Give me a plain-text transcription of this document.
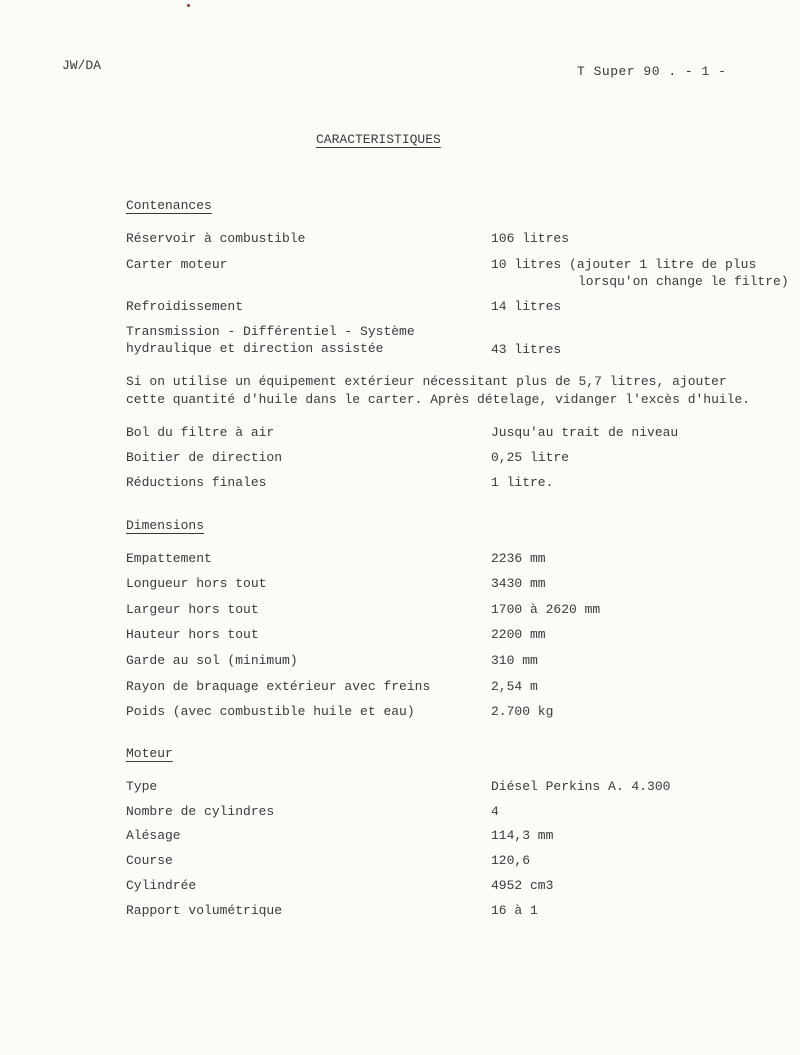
JW/DA	T Super 90 . - 1 -
CARACTERISTIQUES
Contenances
Réservoir à combustible	106 litres
Carter moteur	10 litres (ajouter 1 litre de plus
lorsqu'on change le filtre)
Refroidissement	14 litres
Transmission - Différentiel - Système
hydraulique et direction assistée	43 litres
Si on utilise un équipement extérieur nécessitant plus de 5,7 litres, ajouter
cette quantité d'huile dans le carter. Après dételage, vidanger l'excès d'huile.
Bol du filtre à air	Jusqu'au trait de niveau
Boitier de direction	0,25 litre
Réductions finales	1 litre.
Dimensions
Empattement	2236 mm
Longueur hors tout	3430 mm
Largeur hors tout	1700 à 2620 mm
Hauteur hors tout	2200 mm
Garde au sol (minimum)	310 mm
Rayon de braquage extérieur avec freins	2,54 m
Poids (avec combustible huile et eau)	2.700 kg
Moteur
Type	Diésel Perkins A. 4.300
Nombre de cylindres	4
Alésage	114,3 mm
Course	120,6
Cylindrée	4952 cm3
Rapport volumétrique	16 à 1
